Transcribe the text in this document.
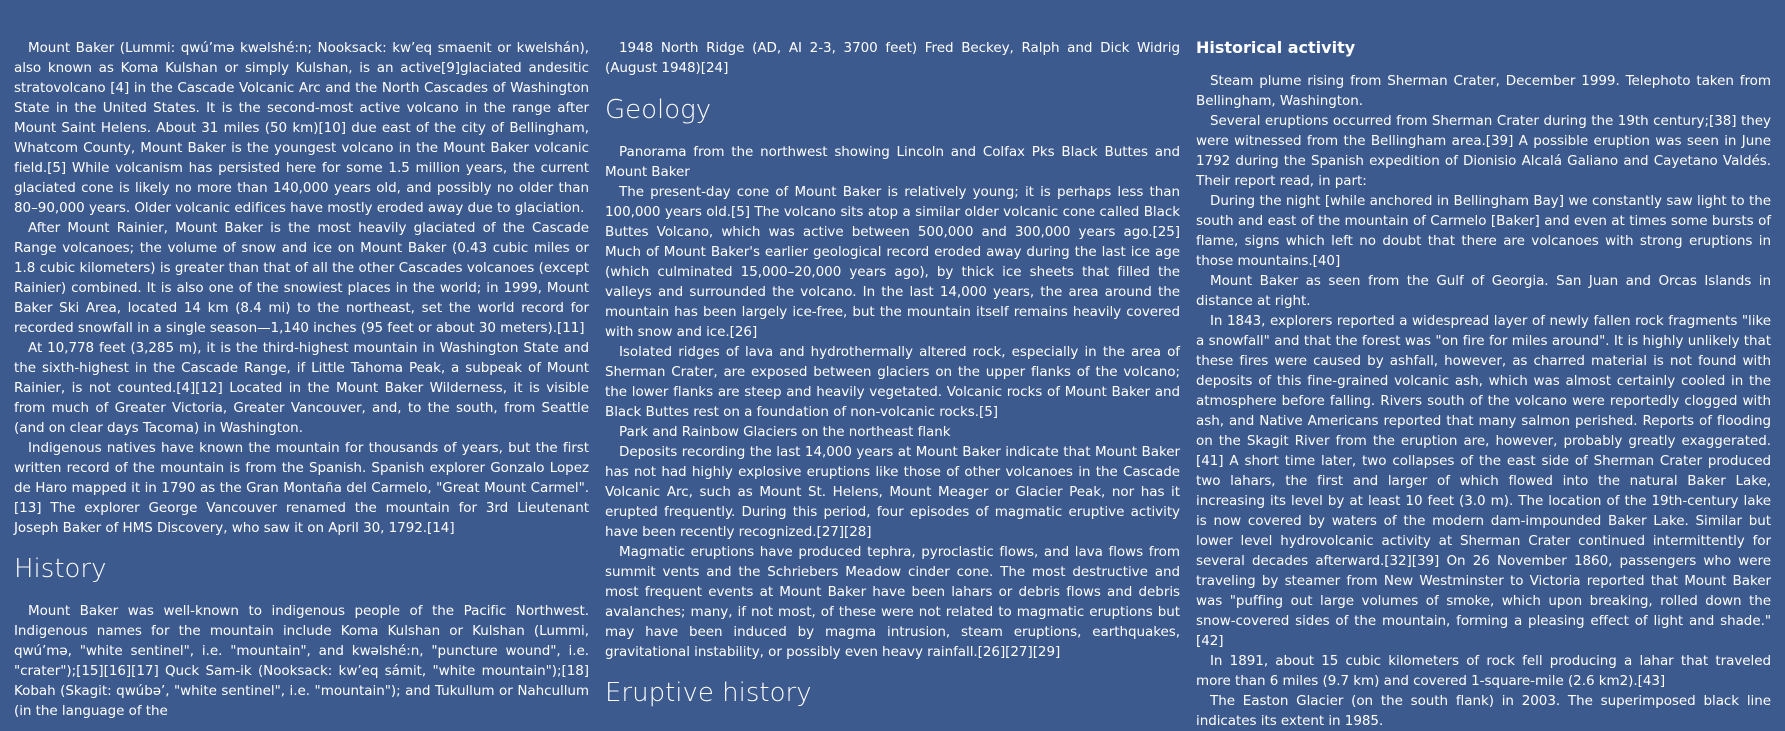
Mount Baker (Lummi: qwú’mə kwəlshé:n; Nooksack: kw’eq smaenit or kwelshán), also known as Koma Kulshan or simply Kulshan, is an active[9]glaciated andesitic stratovolcano [4] in the Cascade Volcanic Arc and the North Cascades of Washington State in the United States. It is the second-most active volcano in the range after Mount Saint Helens. About 31 miles (50 km)[10] due east of the city of Bellingham, Whatcom County, Mount Baker is the youngest volcano in the Mount Baker volcanic field.[5] While volcanism has persisted here for some 1.5 million years, the current glaciated cone is likely no more than 140,000 years old, and possibly no older than 80–90,000 years. Older volcanic edifices have mostly eroded away due to glaciation.

After Mount Rainier, Mount Baker is the most heavily glaciated of the Cascade Range volcanoes; the volume of snow and ice on Mount Baker (0.43 cubic miles or 1.8 cubic kilometers) is greater than that of all the other Cascades volcanoes (except Rainier) combined. It is also one of the snowiest places in the world; in 1999, Mount Baker Ski Area, located 14 km (8.4 mi) to the northeast, set the world record for recorded snowfall in a single season—1,140 inches (95 feet or about 30 meters).[11]

At 10,778 feet (3,285 m), it is the third-highest mountain in Washington State and the sixth-highest in the Cascade Range, if Little Tahoma Peak, a subpeak of Mount Rainier, is not counted.[4][12] Located in the Mount Baker Wilderness, it is visible from much of Greater Victoria, Greater Vancouver, and, to the south, from Seattle (and on clear days Tacoma) in Washington.

Indigenous natives have known the mountain for thousands of years, but the first written record of the mountain is from the Spanish. Spanish explorer Gonzalo Lopez de Haro mapped it in 1790 as the Gran Montaña del Carmelo, "Great Mount Carmel".[13] The explorer George Vancouver renamed the mountain for 3rd Lieutenant Joseph Baker of HMS Discovery, who saw it on April 30, 1792.[14]

History

Mount Baker was well-known to indigenous people of the Pacific Northwest. Indigenous names for the mountain include Koma Kulshan or Kulshan (Lummi, qwú’mə, "white sentinel", i.e. "mountain", and kwəlshé:n, "puncture wound", i.e. "crater");[15][16][17] Quck Sam-ik (Nooksack: kw’eq sámit, "white mountain");[18] Kobah (Skagit: qwúbə’, "white sentinel", i.e. "mountain"); and Tukullum or Nahcullum (in the language of the

1948 North Ridge (AD, AI 2-3, 3700 feet) Fred Beckey, Ralph and Dick Widrig (August 1948)[24]

Geology

Panorama from the northwest showing Lincoln and Colfax Pks Black Buttes and Mount Baker

The present-day cone of Mount Baker is relatively young; it is perhaps less than 100,000 years old.[5] The volcano sits atop a similar older volcanic cone called Black Buttes Volcano, which was active between 500,000 and 300,000 years ago.[25] Much of Mount Baker's earlier geological record eroded away during the last ice age (which culminated 15,000–20,000 years ago), by thick ice sheets that filled the valleys and surrounded the volcano. In the last 14,000 years, the area around the mountain has been largely ice-free, but the mountain itself remains heavily covered with snow and ice.[26]

Isolated ridges of lava and hydrothermally altered rock, especially in the area of Sherman Crater, are exposed between glaciers on the upper flanks of the volcano; the lower flanks are steep and heavily vegetated. Volcanic rocks of Mount Baker and Black Buttes rest on a foundation of non-volcanic rocks.[5]

Park and Rainbow Glaciers on the northeast flank

Deposits recording the last 14,000 years at Mount Baker indicate that Mount Baker has not had highly explosive eruptions like those of other volcanoes in the Cascade Volcanic Arc, such as Mount St. Helens, Mount Meager or Glacier Peak, nor has it erupted frequently. During this period, four episodes of magmatic eruptive activity have been recently recognized.[27][28]

Magmatic eruptions have produced tephra, pyroclastic flows, and lava flows from summit vents and the Schriebers Meadow cinder cone. The most destructive and most frequent events at Mount Baker have been lahars or debris flows and debris avalanches; many, if not most, of these were not related to magmatic eruptions but may have been induced by magma intrusion, steam eruptions, earthquakes, gravitational instability, or possibly even heavy rainfall.[26][27][29]

Eruptive history
Historical activity

Steam plume rising from Sherman Crater, December 1999. Telephoto taken from Bellingham, Washington.

Several eruptions occurred from Sherman Crater during the 19th century;[38] they were witnessed from the Bellingham area.[39] A possible eruption was seen in June 1792 during the Spanish expedition of Dionisio Alcalá Galiano and Cayetano Valdés. Their report read, in part:

During the night [while anchored in Bellingham Bay] we constantly saw light to the south and east of the mountain of Carmelo [Baker] and even at times some bursts of flame, signs which left no doubt that there are volcanoes with strong eruptions in those mountains.[40]

Mount Baker as seen from the Gulf of Georgia. San Juan and Orcas Islands in distance at right.

In 1843, explorers reported a widespread layer of newly fallen rock fragments "like a snowfall" and that the forest was "on fire for miles around". It is highly unlikely that these fires were caused by ashfall, however, as charred material is not found with deposits of this fine-grained volcanic ash, which was almost certainly cooled in the atmosphere before falling. Rivers south of the volcano were reportedly clogged with ash, and Native Americans reported that many salmon perished. Reports of flooding on the Skagit River from the eruption are, however, probably greatly exaggerated.[41] A short time later, two collapses of the east side of Sherman Crater produced two lahars, the first and larger of which flowed into the natural Baker Lake, increasing its level by at least 10 feet (3.0 m). The location of the 19th-century lake is now covered by waters of the modern dam-impounded Baker Lake. Similar but lower level hydrovolcanic activity at Sherman Crater continued intermittently for several decades afterward.[32][39] On 26 November 1860, passengers who were traveling by steamer from New Westminster to Victoria reported that Mount Baker was "puffing out large volumes of smoke, which upon breaking, rolled down the snow-covered sides of the mountain, forming a pleasing effect of light and shade."[42]

In 1891, about 15 cubic kilometers of rock fell producing a lahar that traveled more than 6 miles (9.7 km) and covered 1-square-mile (2.6 km2).[43]

The Easton Glacier (on the south flank) in 2003. The superimposed black line indicates its extent in 1985.
